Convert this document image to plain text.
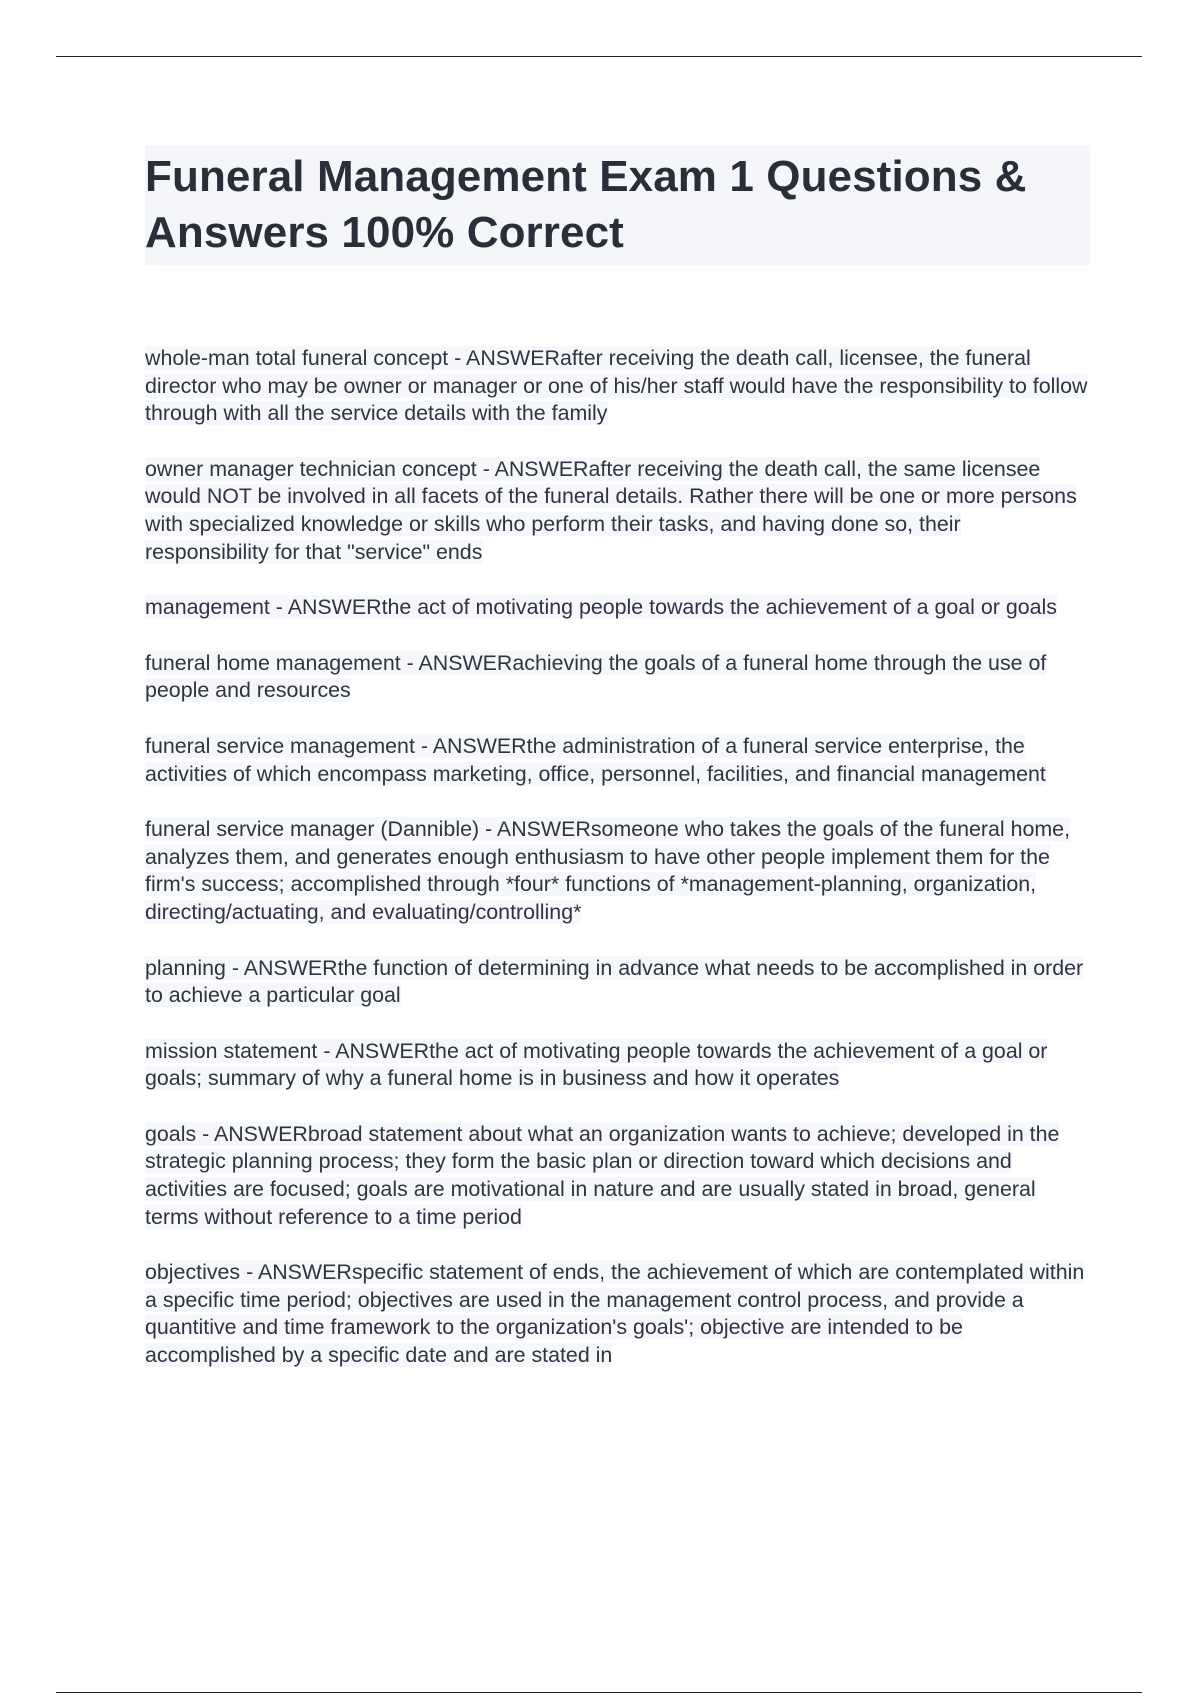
Funeral Management Exam 1 Questions & Answers 100% Correct

whole-man total funeral concept - ANSWERafter receiving the death call, licensee, the funeral director who may be owner or manager or one of his/her staff would have the responsibility to follow through with all the service details with the family

owner manager technician concept - ANSWERafter receiving the death call, the same licensee would NOT be involved in all facets of the funeral details. Rather there will be one or more persons with specialized knowledge or skills who perform their tasks, and having done so, their responsibility for that "service" ends

management - ANSWERthe act of motivating people towards the achievement of a goal or goals

funeral home management - ANSWERachieving the goals of a funeral home through the use of people and resources

funeral service management - ANSWERthe administration of a funeral service enterprise, the activities of which encompass marketing, office, personnel, facilities, and financial management

funeral service manager (Dannible) - ANSWERsomeone who takes the goals of the funeral home, analyzes them, and generates enough enthusiasm to have other people implement them for the firm's success; accomplished through *four* functions of *management-planning, organization, directing/actuating, and evaluating/controlling*

planning - ANSWERthe function of determining in advance what needs to be accomplished in order to achieve a particular goal

mission statement - ANSWERthe act of motivating people towards the achievement of a goal or goals; summary of why a funeral home is in business and how it operates

goals - ANSWERbroad statement about what an organization wants to achieve; developed in the strategic planning process; they form the basic plan or direction toward which decisions and activities are focused; goals are motivational in nature and are usually stated in broad, general terms without reference to a time period

objectives - ANSWERspecific statement of ends, the achievement of which are contemplated within a specific time period; objectives are used in the management control process, and provide a quantitive and time framework to the organization's goals'; objective are intended to be accomplished by a specific date and are stated in
